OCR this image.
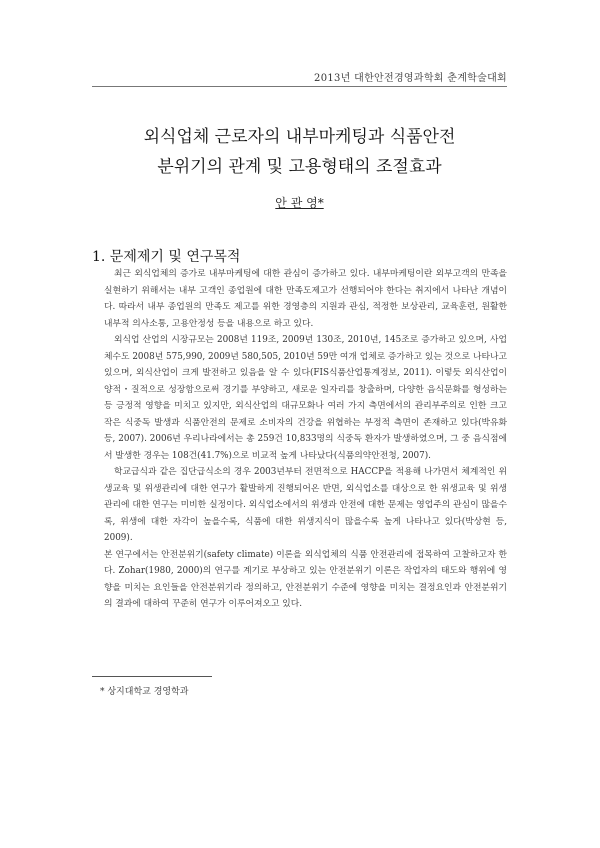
2013년 대한안전경영과학회 춘계학술대회
외식업체 근로자의 내부마케팅과 식품안전
분위기의 관계 및 고용형태의 조절효과
안 관 영*
1. 문제제기 및 연구목적

최근 외식업체의 증가로 내부마케팅에 대한 관심이 증가하고 있다. 내부마케팅이란 외부고객의 만족을 실현하기 위해서는 내부 고객인 종업원에 대한 만족도제고가 선행되어야 한다는 취지에서 나타난 개념이다. 따라서 내부 종업원의 만족도 제고를 위한 경영층의 지원과 관심, 적정한 보상관리, 교육훈련, 원활한 내부적 의사소통, 고용안정성 등을 내용으로 하고 있다.

외식업 산업의 시장규모는 2008년 119조, 2009년 130조, 2010년, 145조로 증가하고 있으며, 사업체수도 2008년 575,990, 2009년 580,505, 2010년 59만 여개 업체로 증가하고 있는 것으로 나타나고 있으며, 외식산업이 크게 발전하고 있음을 알 수 있다(FIS식품산업통계정보, 2011). 이렇듯 외식산업이 양적・질적으로 성장함으로써 경기를 부양하고, 새로운 일자리를 창출하며, 다양한 음식문화를 형성하는 등 긍정적 영향을 미치고 있지만, 외식산업의 대규모화나 여러 가지 측면에서의 관리부주의로 인한 크고 작은 식중독 발생과 식품안전의 문제로 소비자의 건강을 위협하는 부정적 측면이 존재하고 있다(박유화 등, 2007). 2006년 우리나라에서는 총 259건 10,833명의 식중독 환자가 발생하였으며, 그 중 음식점에서 발생한 경우는 108건(41.7%)으로 비교적 높게 나타났다(식품의약안전청, 2007).

학교급식과 같은 집단급식소의 경우 2003년부터 전면적으로 HACCP을 적용해 나가면서 체계적인 위생교육 및 위생관리에 대한 연구가 활발하게 진행되어온 반면, 외식업소를 대상으로 한 위생교육 및 위생관리에 대한 연구는 미비한 실정이다. 외식업소에서의 위생과 안전에 대한 문제는 영업주의 관심이 많을수록, 위생에 대한 자각이 높을수록, 식품에 대한 위생지식이 많을수록 높게 나타나고 있다(박상현 등, 2009).

본 연구에서는 안전분위기(safety climate) 이론을 외식업체의 식품 안전관리에 접목하여 고찰하고자 한다. Zohar(1980, 2000)의 연구를 계기로 부상하고 있는 안전분위기 이론은 작업자의 태도와 행위에 영향을 미치는 요인들을 안전분위기라 정의하고, 안전분위기 수준에 영향을 미치는 결정요인과 안전분위기의 결과에 대하여 꾸준히 연구가 이루어져오고 있다.

* 상지대학교 경영학과
